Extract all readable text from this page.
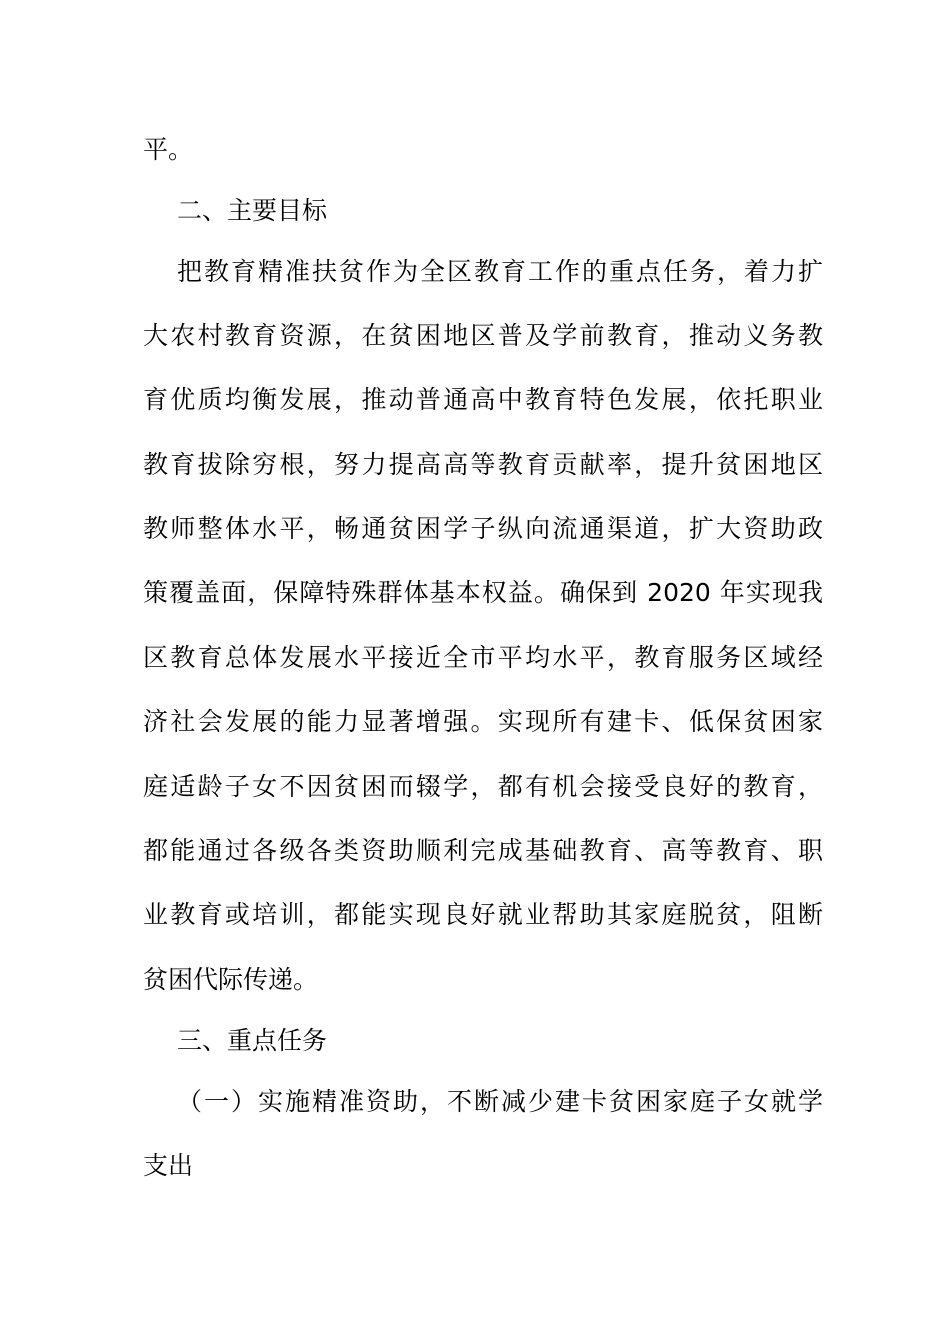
平。
二、主要目标
把教育精准扶贫作为全区教育工作的重点任务，着力扩
大农村教育资源，在贫困地区普及学前教育，推动义务教
育优质均衡发展，推动普通高中教育特色发展，依托职业
教育拔除穷根，努力提高高等教育贡献率，提升贫困地区
教师整体水平，畅通贫困学子纵向流通渠道，扩大资助政
策覆盖面，保障特殊群体基本权益。确保到 2020 年实现我
区教育总体发展水平接近全市平均水平，教育服务区域经
济社会发展的能力显著增强。实现所有建卡、低保贫困家
庭适龄子女不因贫困而辍学，都有机会接受良好的教育，
都能通过各级各类资助顺利完成基础教育、高等教育、职
业教育或培训，都能实现良好就业帮助其家庭脱贫，阻断
贫困代际传递。
三、重点任务
（一）实施精准资助，不断减少建卡贫困家庭子女就学
支出
